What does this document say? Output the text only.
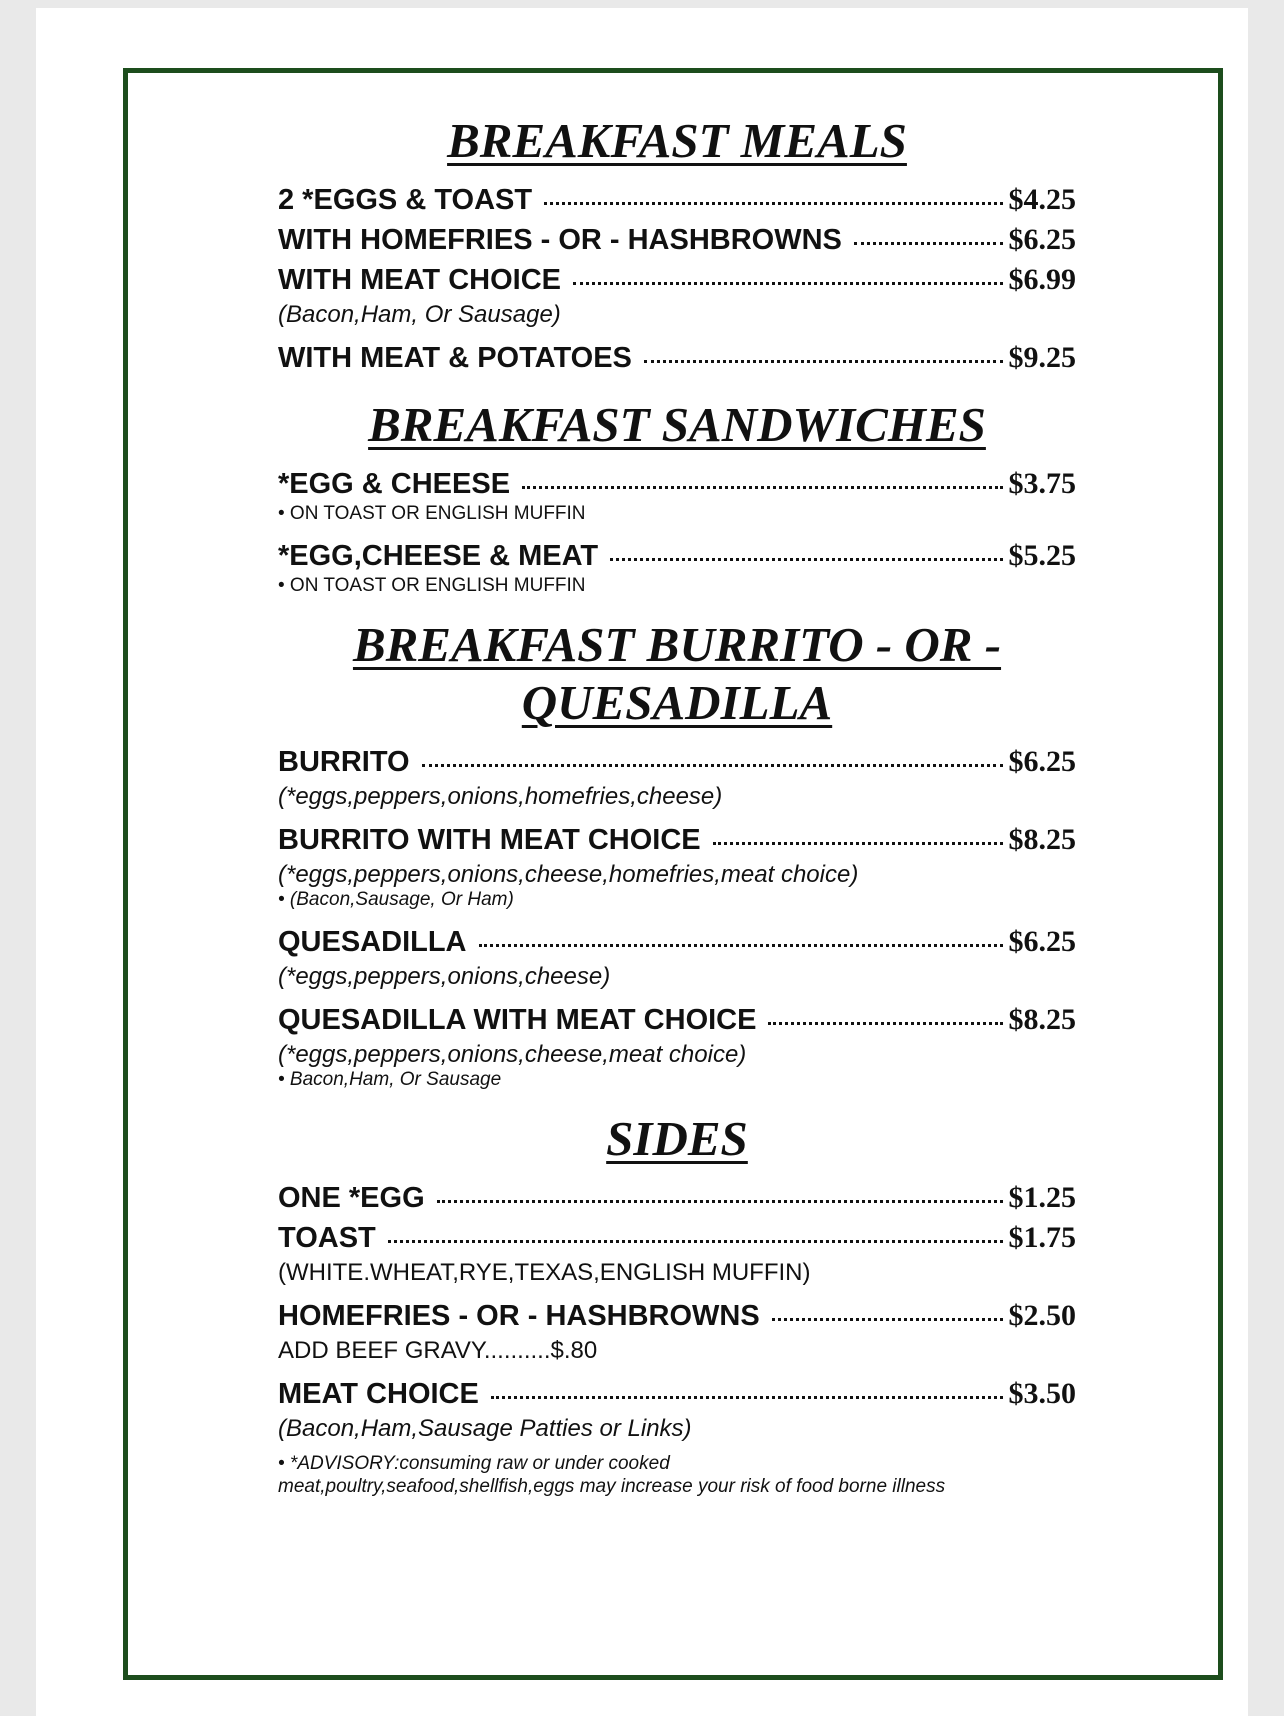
BREAKFAST MEALS
2 *EGGS & TOAST	$4.25
WITH HOMEFRIES - OR - HASHBROWNS	$6.25
WITH MEAT CHOICE	$6.99
(Bacon,Ham, Or Sausage)
WITH MEAT & POTATOES	$9.25
BREAKFAST SANDWICHES
*EGG & CHEESE	$3.75
• ON TOAST OR ENGLISH MUFFIN
*EGG,CHEESE & MEAT	$5.25
• ON TOAST OR ENGLISH MUFFIN
BREAKFAST BURRITO - OR -
QUESADILLA
BURRITO	$6.25
(*eggs,peppers,onions,homefries,cheese)
BURRITO WITH MEAT CHOICE	$8.25
(*eggs,peppers,onions,cheese,homefries,meat choice)
• (Bacon,Sausage, Or Ham)
QUESADILLA	$6.25
(*eggs,peppers,onions,cheese)
QUESADILLA WITH MEAT CHOICE	$8.25
(*eggs,peppers,onions,cheese,meat choice)
• Bacon,Ham, Or Sausage
SIDES
ONE *EGG	$1.25
TOAST	$1.75
(WHITE.WHEAT,RYE,TEXAS,ENGLISH MUFFIN)
HOMEFRIES - OR - HASHBROWNS	$2.50
ADD BEEF GRAVY..........$.80
MEAT CHOICE	$3.50
(Bacon,Ham,Sausage Patties or Links)
• *ADVISORY:consuming raw or under cooked
meat,poultry,seafood,shellfish,eggs may increase your risk of food borne illness
